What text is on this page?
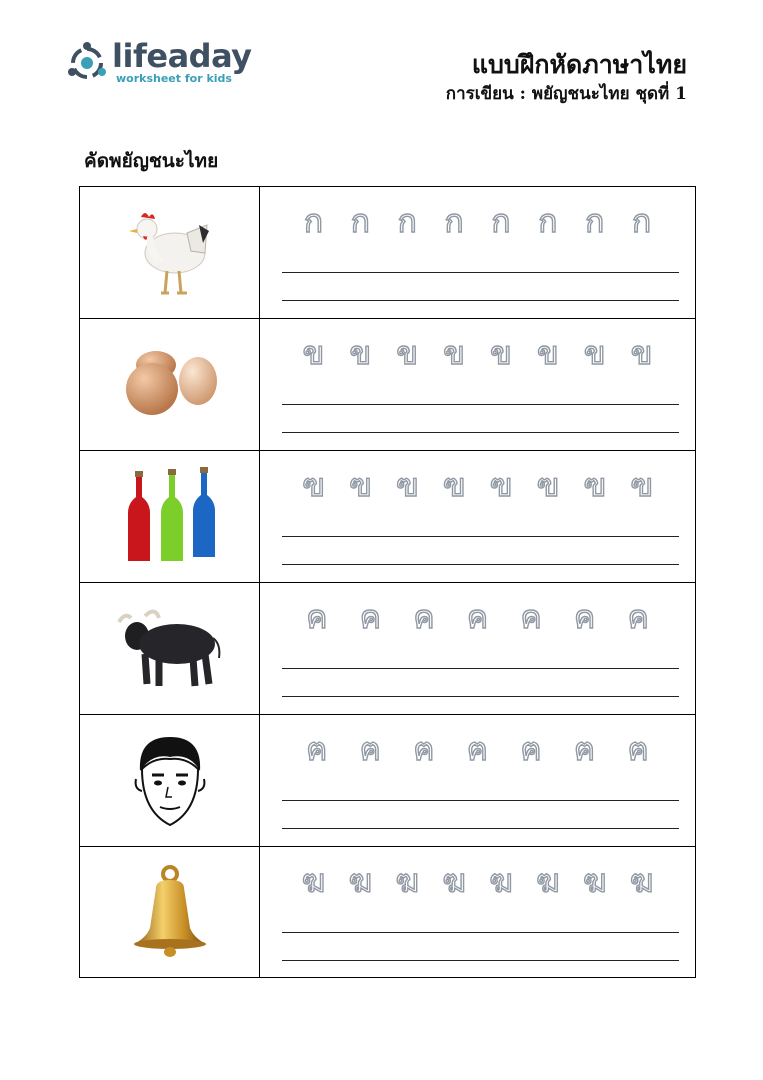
lifeaday
worksheet for kids	แบบฝึกหัดภาษาไทย
การเขียน : พยัญชนะไทย ชุดที่ 1
คัดพยัญชนะไทย
ก ก ก ก ก ก ก ก
ข ข ข ข ข ข ข ข
ฃ ฃ ฃ ฃ ฃ ฃ ฃ ฃ
ค ค ค ค ค ค ค
ฅ ฅ ฅ ฅ ฅ ฅ ฅ
ฆ ฆ ฆ ฆ ฆ ฆ ฆ ฆ
